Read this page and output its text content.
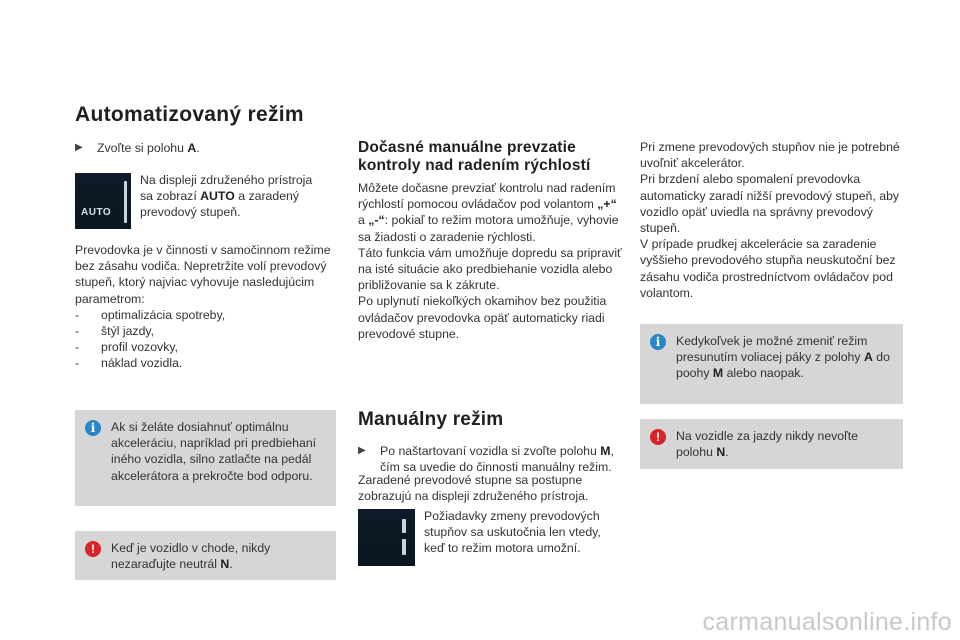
Automatizovaný režim
▶︎ Zvoľte si polohu A.
AUTO

Na displeji združeného prístroja

sa zobrazí AUTO a zaradený

prevodový stupeň.

Prevodovka je v činnosti v samočinnom režime bez zásahu vodiča. Nepretržite volí prevodový stupeň, ktorý najviac vyhovuje nasledujúcim parametrom:

- optimalizácia spotreby,
- štýl jazdy,
- profil vozovky,
- náklad vozidla.
i	Ak si želáte dosiahnuť optimálnu akceleráciu, napríklad pri predbiehaní iného vozidla, silno zatlačte na pedál akcelerátora a prekročte bod odporu.
!
Keď je vozidlo v chode, nikdy nezaraďujte neutrál N.
Dočasné manuálne prevzatie
kontroly nad radením rýchlostí

Môžete dočasne prevziať kontrolu nad radením rýchlostí pomocou ovládačov pod volantom „+“ a „-“: pokiaľ to režim motora umožňuje, vyhovie sa žiadosti o zaradenie rýchlosti.

Táto funkcia vám umožňuje dopredu sa pripraviť na isté situácie ako predbiehanie vozidla alebo približovanie sa k zákrute.

Po uplynutí niekoľkých okamihov bez použitia ovládačov prevodovka opäť automaticky riadi prevodové stupne.

Manuálny režim
▶︎	Po naštartovaní vozidla si zvoľte polohu M, čím sa uvedie do činnosti manuálny režim.
Zaradené prevodové stupne sa postupne zobrazujú na displeji združeného prístroja.
Požiadavky zmeny prevodových stupňov sa uskutočnia len vtedy, keď to režim motora umožní.

Pri zmene prevodových stupňov nie je potrebné uvoľniť akcelerátor.

Pri brzdení alebo spomalení prevodovka automaticky zaradí nižší prevodový stupeň, aby vozidlo opäť uviedla na správny prevodový stupeň.

V prípade prudkej akcelerácie sa zaradenie vyššieho prevodového stupňa neuskutoční bez zásahu vodiča prostredníctvom ovládačov pod volantom.

i	Kedykoľvek je možné zmeniť režim presunutím voliacej páky z polohy A do poohy M alebo naopak.
!
Na vozidle za jazdy nikdy nevoľte polohu N.
carmanualsonline.info
